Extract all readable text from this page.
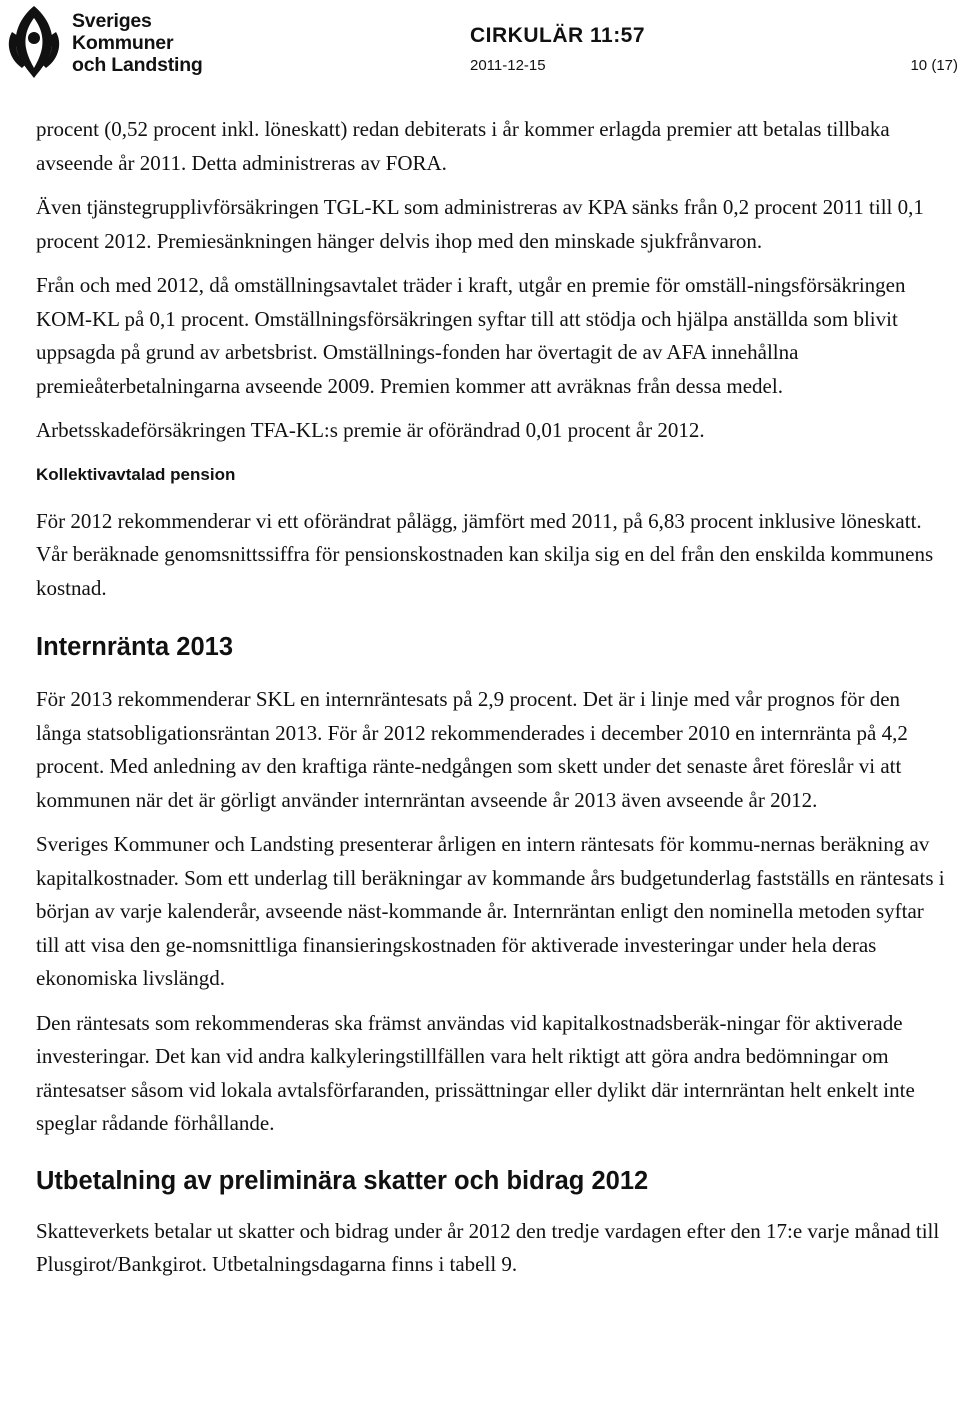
Sveriges
Kommuner
och Landsting
CIRKULÄR 11:57
2011-12-15	10 (17)

procent (0,52 procent inkl. löneskatt) redan debiterats i år kommer erlagda premier att betalas tillbaka avseende år 2011. Detta administreras av FORA.

Även tjänstegrupplivförsäkringen TGL-KL som administreras av KPA sänks från 0,2 procent 2011 till 0,1 procent 2012. Premiesänkningen hänger delvis ihop med den minskade sjukfrånvaron.

Från och med 2012, då omställningsavtalet träder i kraft, utgår en premie för omställ-ningsförsäkringen KOM-KL på 0,1 procent. Omställningsförsäkringen syftar till att stödja och hjälpa anställda som blivit uppsagda på grund av arbetsbrist. Omställnings-fonden har övertagit de av AFA innehållna premieåterbetalningarna avseende 2009. Premien kommer att avräknas från dessa medel.

Arbetsskadeförsäkringen TFA-KL:s premie är oförändrad 0,01 procent år 2012.

Kollektivavtalad pension

För 2012 rekommenderar vi ett oförändrat pålägg, jämfört med 2011, på 6,83 procent inklusive löneskatt. Vår beräknade genomsnittssiffra för pensionskostnaden kan skilja sig en del från den enskilda kommunens kostnad.

Internränta 2013

För 2013 rekommenderar SKL en internräntesats på 2,9 procent. Det är i linje med vår prognos för den långa statsobligationsräntan 2013. För år 2012 rekommenderades i december 2010 en internränta på 4,2 procent. Med anledning av den kraftiga ränte-nedgången som skett under det senaste året föreslår vi att kommunen när det är görligt använder internräntan avseende år 2013 även avseende år 2012.

Sveriges Kommuner och Landsting presenterar årligen en intern räntesats för kommu-nernas beräkning av kapitalkostnader. Som ett underlag till beräkningar av kommande års budgetunderlag fastställs en räntesats i början av varje kalenderår, avseende näst-kommande år. Internräntan enligt den nominella metoden syftar till att visa den ge-nomsnittliga finansieringskostnaden för aktiverade investeringar under hela deras ekonomiska livslängd.

Den räntesats som rekommenderas ska främst användas vid kapitalkostnadsberäk-ningar för aktiverade investeringar. Det kan vid andra kalkyleringstillfällen vara helt riktigt att göra andra bedömningar om räntesatser såsom vid lokala avtalsförfaranden, prissättningar eller dylikt där internräntan helt enkelt inte speglar rådande förhållande.

Utbetalning av preliminära skatter och bidrag 2012

Skatteverkets betalar ut skatter och bidrag under år 2012 den tredje vardagen efter den 17:e varje månad till Plusgirot/Bankgirot. Utbetalningsdagarna finns i tabell 9.
